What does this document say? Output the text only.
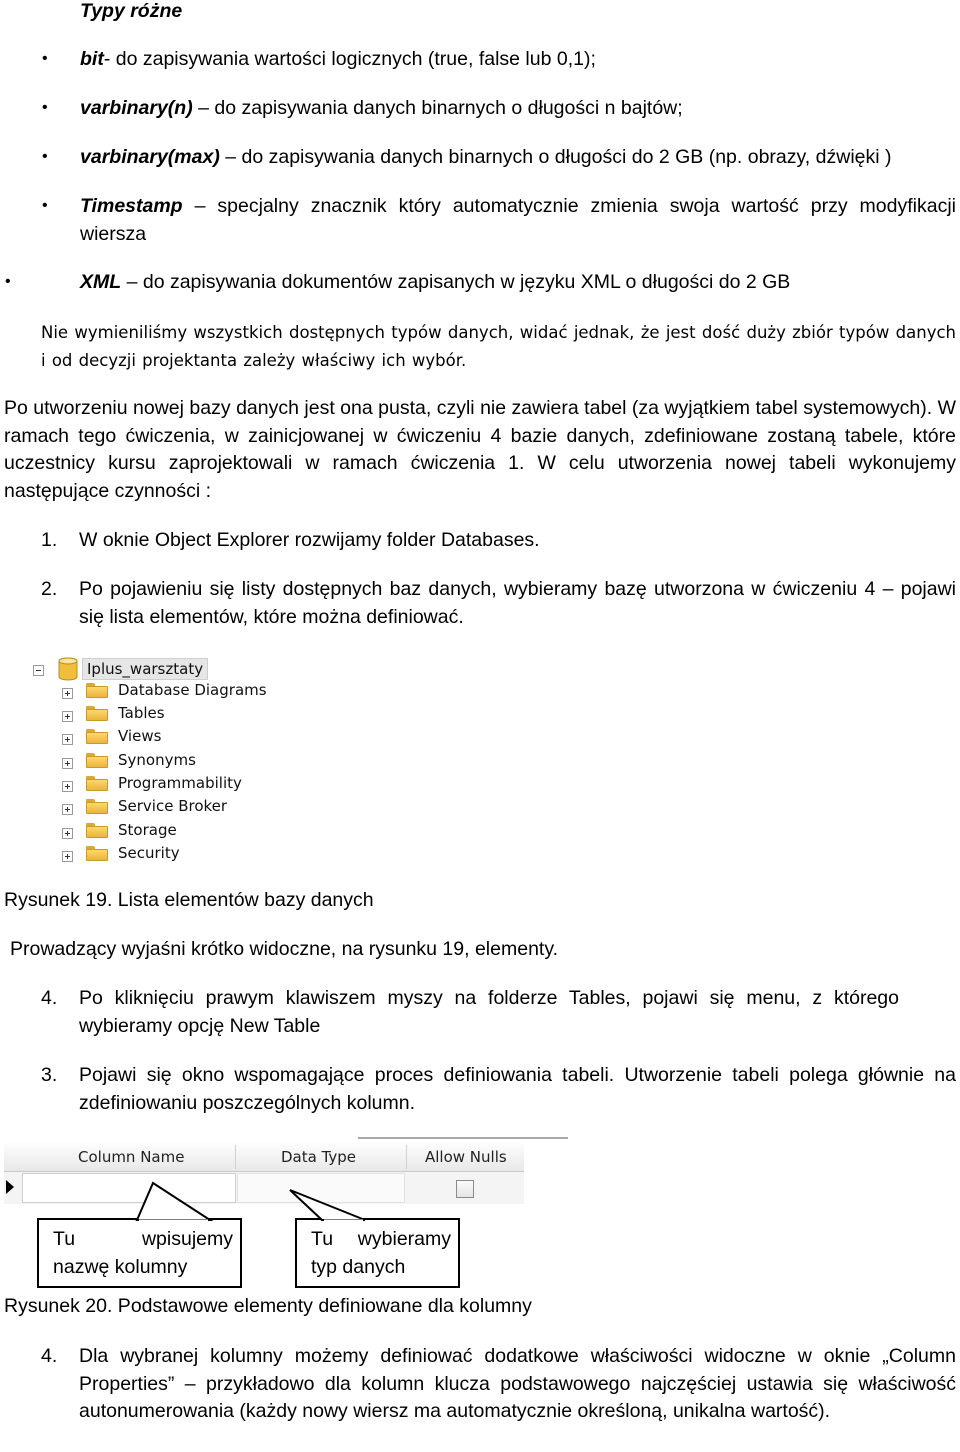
Typy różne
• bit- do zapisywania wartości logicznych (true, false lub 0,1);
• varbinary(n) – do zapisywania danych binarnych o długości n bajtów;
• varbinary(max) – do zapisywania danych binarnych o długości do 2 GB (np. obrazy, dźwięki )
• Timestamp – specjalny znacznik który automatycznie zmienia swoja wartość przy modyfikacji wiersza
•	XML – do zapisywania dokumentów zapisanych w języku XML o długości do 2 GB
Nie wymieniliśmy wszystkich dostępnych typów danych, widać jednak, że jest dość duży zbiór typów danych i od decyzji projektanta zależy właściwy ich wybór.
Po utworzeniu nowej bazy danych jest ona pusta, czyli nie zawiera tabel (za wyjątkiem tabel systemowych). W ramach tego ćwiczenia, w zainicjowanej w ćwiczeniu 4 bazie danych, zdefiniowane zostaną tabele, które uczestnicy kursu zaprojektowali w ramach ćwiczenia 1. W celu utworzenia nowej tabeli wykonujemy następujące czynności :
1. W oknie Object Explorer rozwijamy folder Databases.
2. Po pojawieniu się listy dostępnych baz danych, wybieramy bazę utworzona w ćwiczeniu 4 – pojawi się lista elementów, które można definiować.
Iplus_warsztaty
Database Diagrams
Tables
Views
Synonyms
Programmability
Service Broker
Storage
Security
Rysunek 19. Lista elementów bazy danych
Prowadzący wyjaśni krótko widoczne, na rysunku 19, elementy.
4. Po kliknięciu prawym klawiszem myszy na folderze Tables, pojawi się menu, z którego wybieramy opcję New Table
3. Pojawi się okno wspomagające proces definiowania tabeli. Utworzenie tabeli polega głównie na zdefiniowaniu poszczególnych kolumn.
Column Name	Data Type	Allow Nulls
Tu wpisujemy nazwę kolumny
Tu wybieramy typ danych
Rysunek 20. Podstawowe elementy definiowane dla kolumny
4. Dla wybranej kolumny możemy definiować dodatkowe właściwości widoczne w oknie „Column Properties” – przykładowo dla kolumn klucza podstawowego najczęściej ustawia się właściwość autonumerowania (każdy nowy wiersz ma automatycznie określoną, unikalna wartość).
